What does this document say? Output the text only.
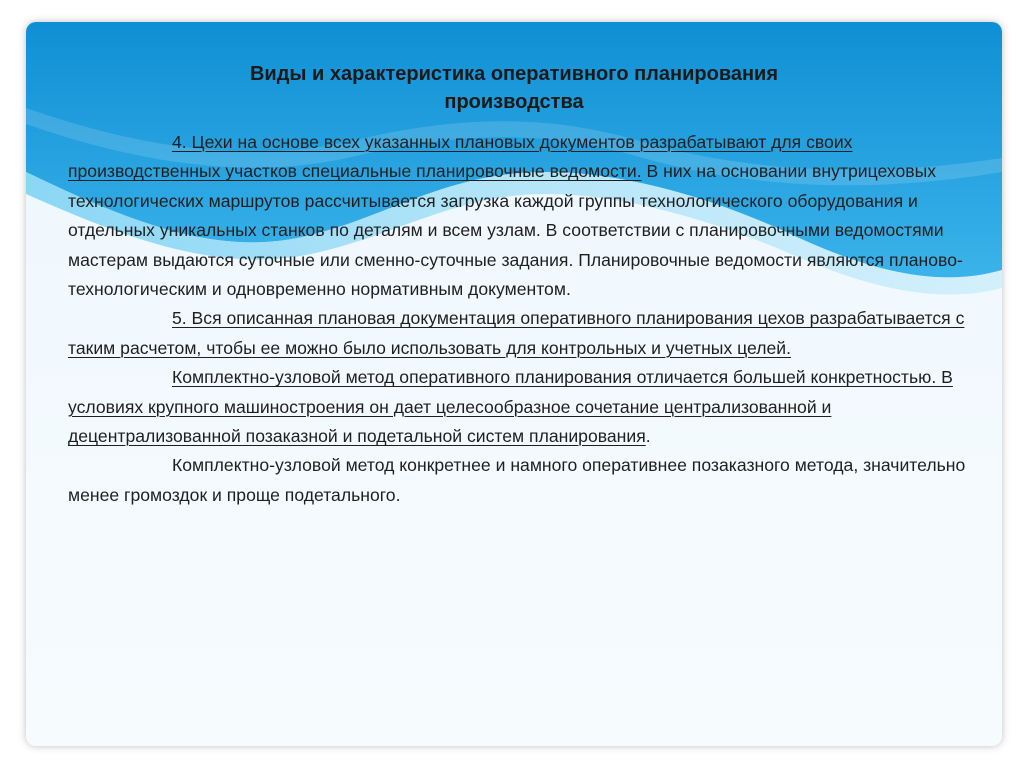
Виды и характеристика оперативного планирования
производства

4. Цехи на основе всех указанных плановых документов разрабатывают для своих производственных участков специальные планировочные ведомости. В них на основании внутрицеховых технологических маршрутов рассчитывается загрузка каждой группы технологического оборудования и отдельных уникальных станков по деталям и всем узлам. В соответствии с планировочными ведомостями мастерам выдаются суточные или сменно-суточные задания. Планировочные ведомости являются планово-технологическим и одновременно нормативным документом.

5. Вся описанная плановая документация оперативного планирования цехов разрабатывается с таким расчетом, чтобы ее можно было использовать для контрольных и учетных целей.

Комплектно-узловой метод оперативного планирования отличается большей конкретностью. В условиях крупного машиностроения он дает целесообразное сочетание централизованной и децентрализованной позаказной и подетальной систем планирования.

Комплектно-узловой метод конкретнее и намного оперативнее позаказного метода, значительно менее громоздок и проще подетального.
